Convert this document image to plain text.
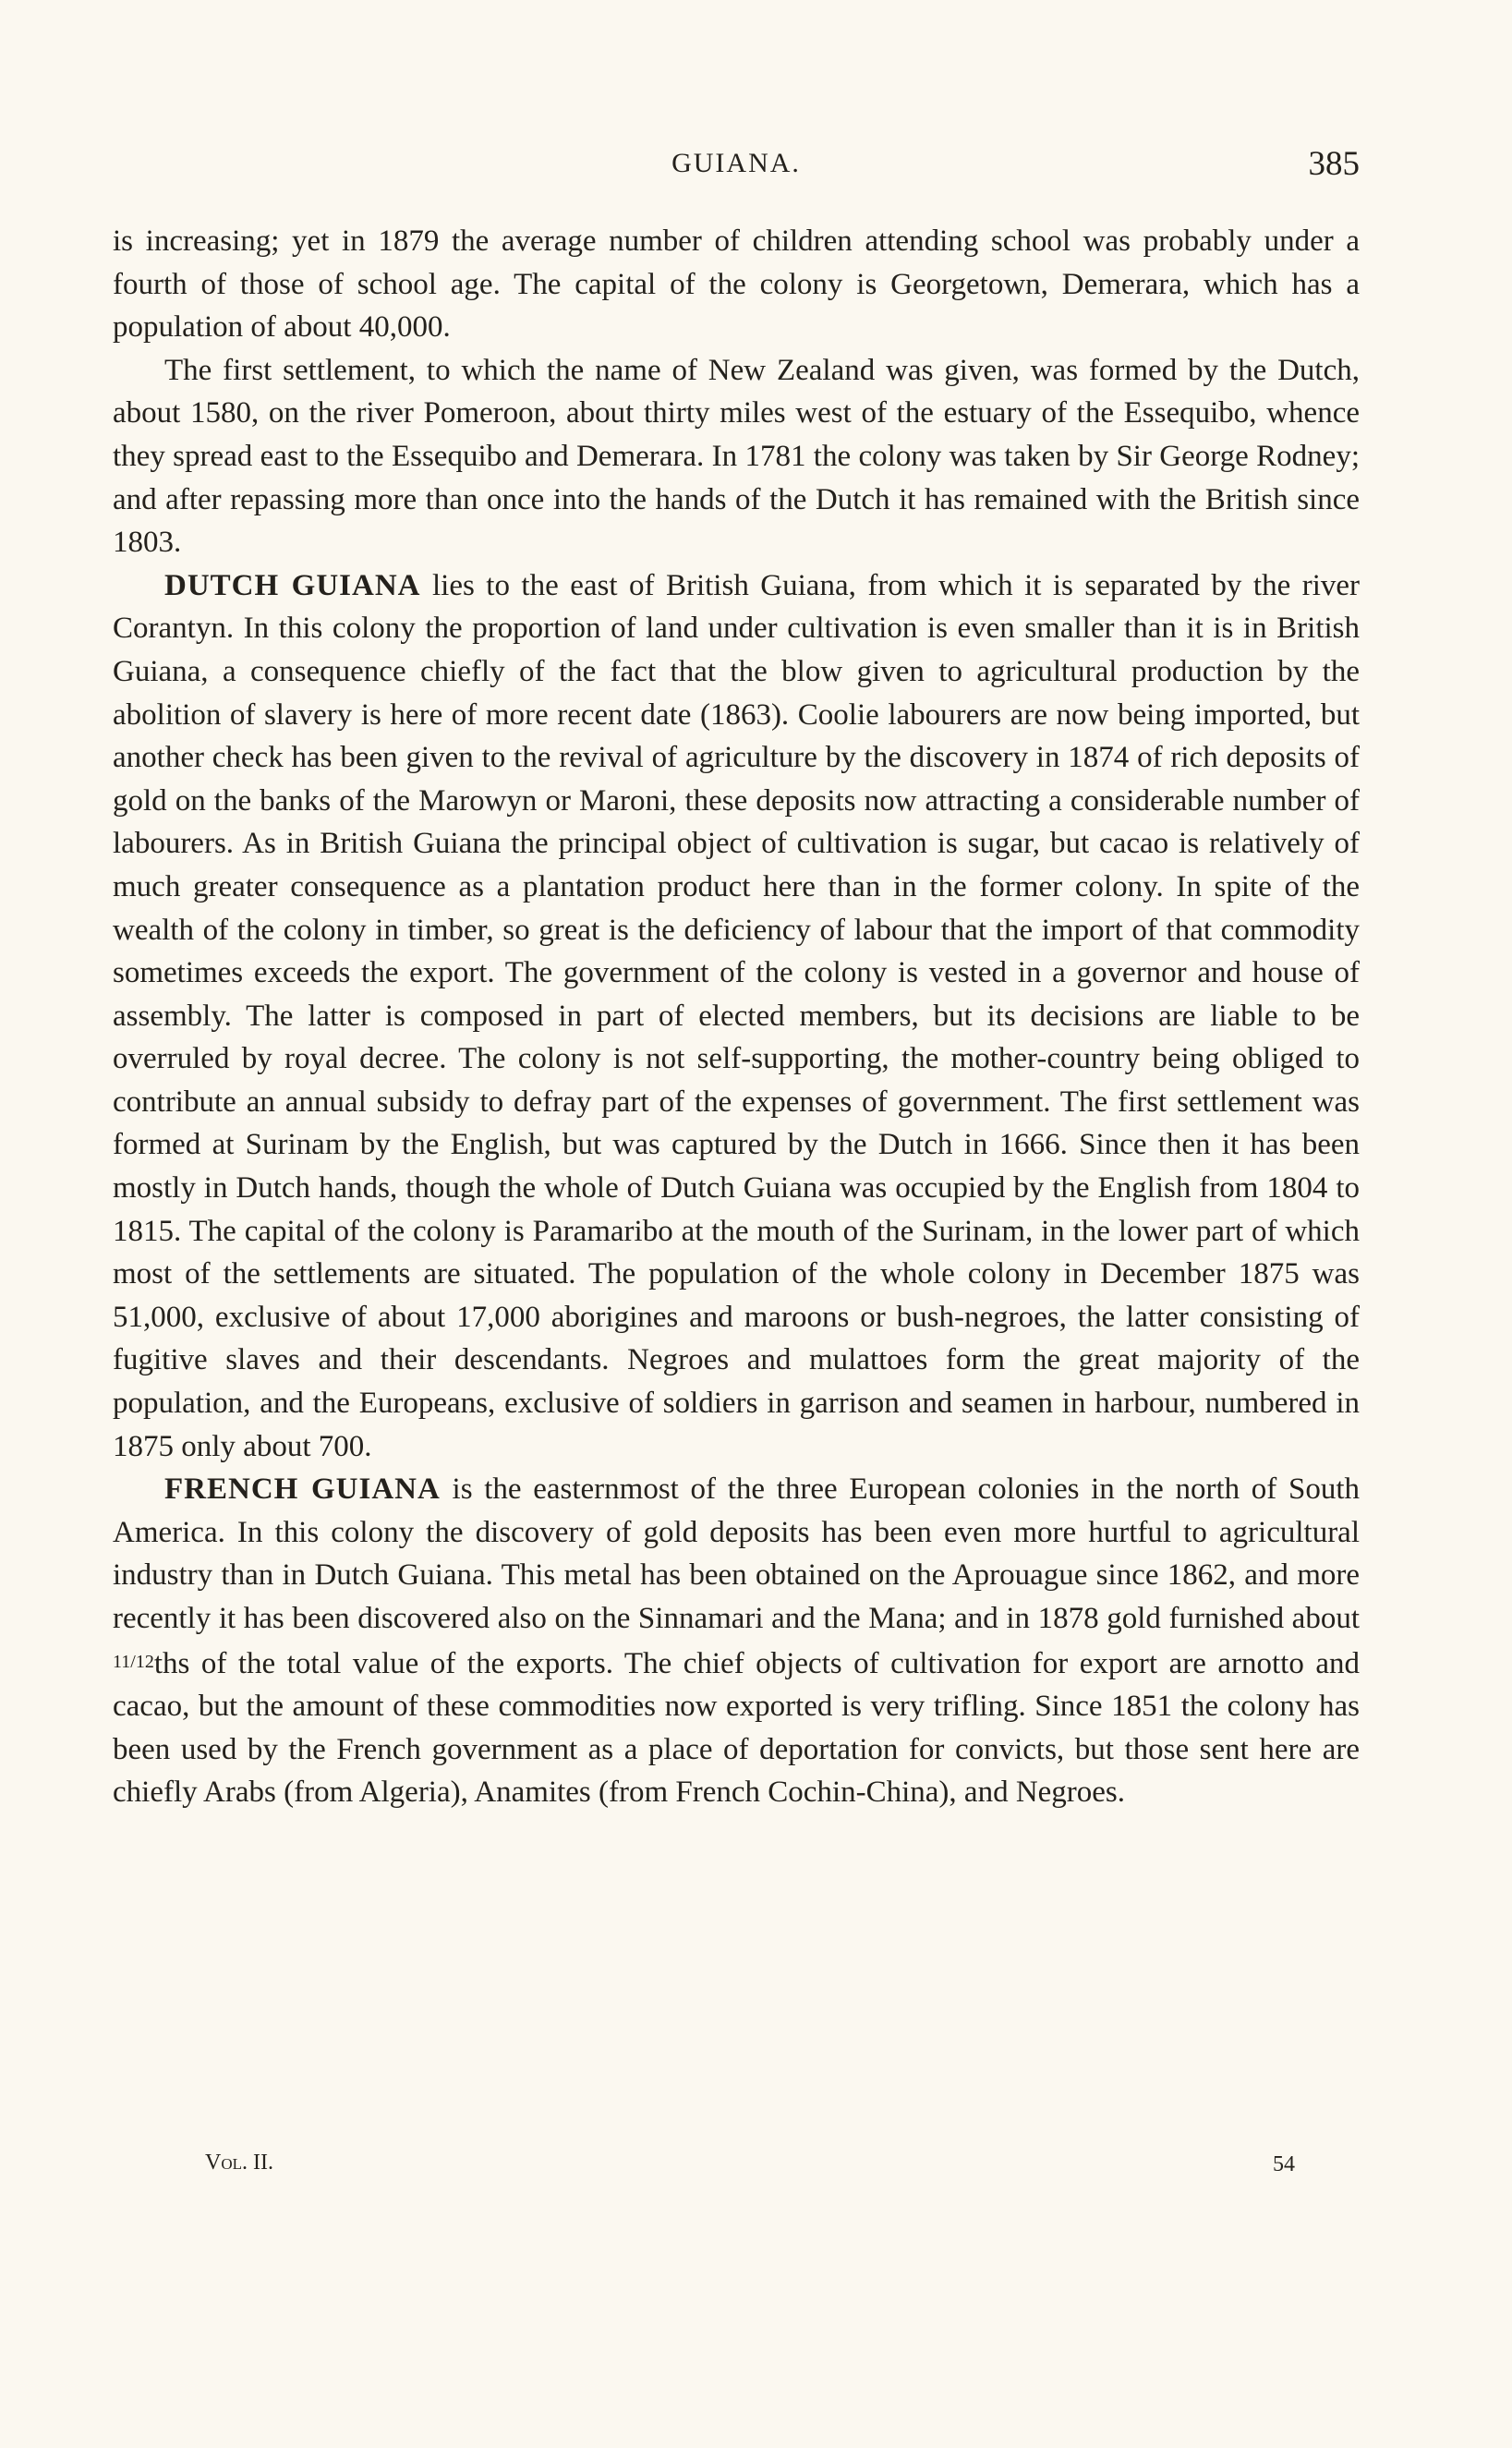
GUIANA.	385

is increasing; yet in 1879 the average number of children attending school was probably under a fourth of those of school age. The capital of the colony is Georgetown, Demerara, which has a population of about 40,000.

The first settlement, to which the name of New Zealand was given, was formed by the Dutch, about 1580, on the river Pomeroon, about thirty miles west of the estuary of the Essequibo, whence they spread east to the Essequibo and Demerara. In 1781 the colony was taken by Sir George Rodney; and after repassing more than once into the hands of the Dutch it has remained with the British since 1803.

DUTCH GUIANA lies to the east of British Guiana, from which it is separated by the river Corantyn. In this colony the proportion of land under cultivation is even smaller than it is in British Guiana, a consequence chiefly of the fact that the blow given to agricultural production by the abolition of slavery is here of more recent date (1863). Coolie labourers are now being imported, but another check has been given to the revival of agriculture by the discovery in 1874 of rich deposits of gold on the banks of the Marowyn or Maroni, these deposits now attracting a considerable number of labourers. As in British Guiana the principal object of cultivation is sugar, but cacao is relatively of much greater consequence as a plantation product here than in the former colony. In spite of the wealth of the colony in timber, so great is the deficiency of labour that the import of that commodity sometimes exceeds the export. The government of the colony is vested in a governor and house of assembly. The latter is composed in part of elected members, but its decisions are liable to be overruled by royal decree. The colony is not self-supporting, the mother-country being obliged to contribute an annual subsidy to defray part of the expenses of government. The first settlement was formed at Surinam by the English, but was captured by the Dutch in 1666. Since then it has been mostly in Dutch hands, though the whole of Dutch Guiana was occupied by the English from 1804 to 1815. The capital of the colony is Paramaribo at the mouth of the Surinam, in the lower part of which most of the settlements are situated. The population of the whole colony in December 1875 was 51,000, exclusive of about 17,000 aborigines and maroons or bush-negroes, the latter consisting of fugitive slaves and their descendants. Negroes and mulattoes form the great majority of the population, and the Europeans, exclusive of soldiers in garrison and seamen in harbour, numbered in 1875 only about 700.

FRENCH GUIANA is the easternmost of the three European colonies in the north of South America. In this colony the discovery of gold deposits has been even more hurtful to agricultural industry than in Dutch Guiana. This metal has been obtained on the Aprouague since 1862, and more recently it has been discovered also on the Sinnamari and the Mana; and in 1878 gold furnished about 11/12ths of the total value of the exports. The chief objects of cultivation for export are arnotto and cacao, but the amount of these commodities now exported is very trifling. Since 1851 the colony has been used by the French government as a place of deportation for convicts, but those sent here are chiefly Arabs (from Algeria), Anamites (from French Cochin-China), and Negroes.

Vol. II.	54
